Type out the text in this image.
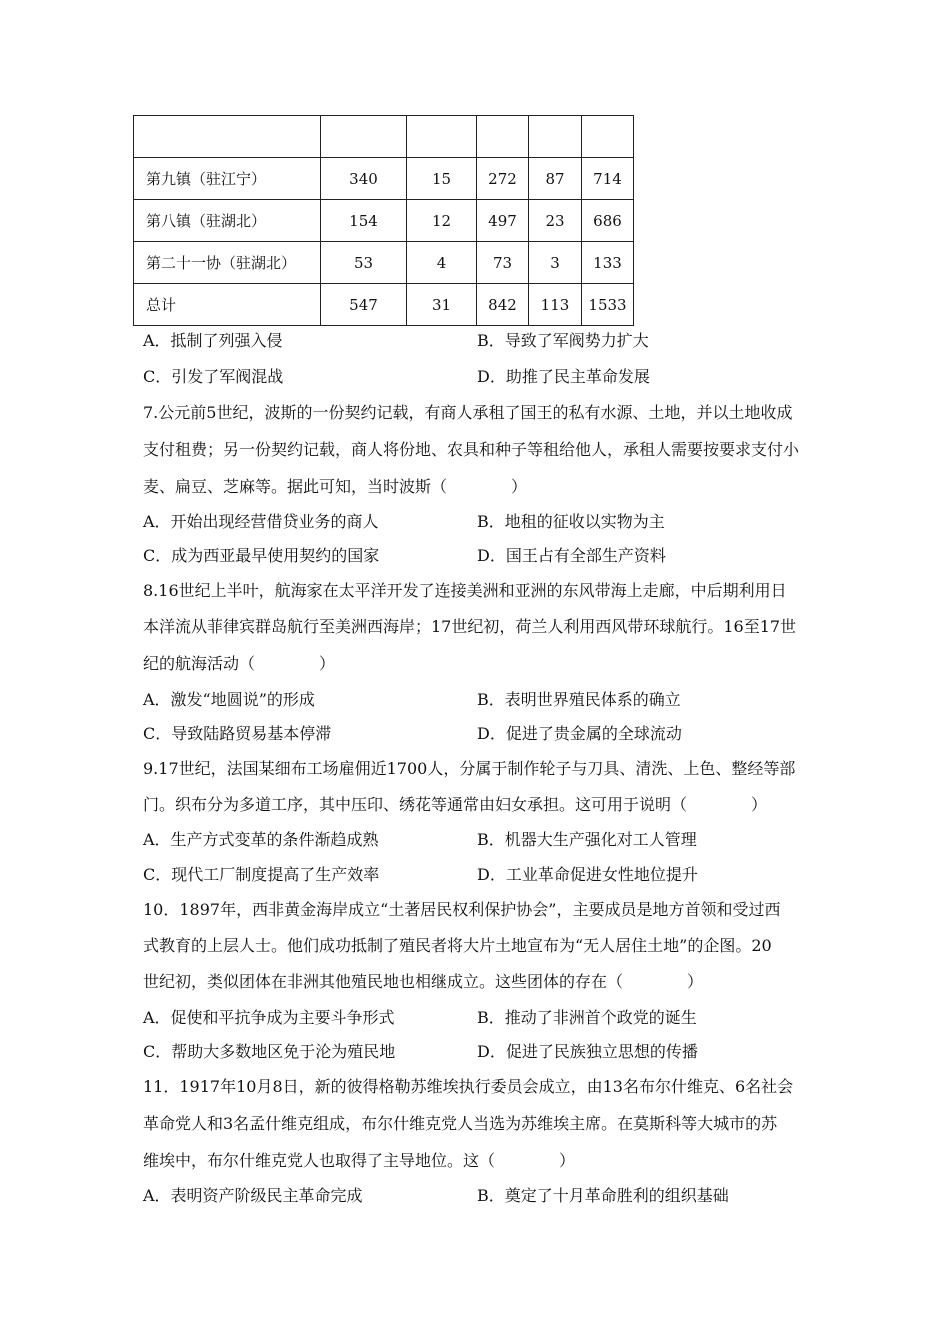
第九镇（驻江宁）	340	15	272	87	714
第八镇（驻湖北）	154	12	497	23	686
第二十一协（驻湖北）	53	4	73	3	133
总计	547	31	842	113	1533
A．抵制了列强入侵	B．导致了军阀势力扩大
C．引发了军阀混战	D．助推了民主革命发展
7.公元前5世纪，波斯的一份契约记载，有商人承租了国王的私有水源、土地，并以土地收成
支付租费；另一份契约记载，商人将份地、农具和种子等租给他人，承租人需要按要求支付小
麦、扁豆、芝麻等。据此可知，当时波斯（　　　　）
A．开始出现经营借贷业务的商人	B．地租的征收以实物为主
C．成为西亚最早使用契约的国家	D．国王占有全部生产资料
8.16世纪上半叶，航海家在太平洋开发了连接美洲和亚洲的东风带海上走廊，中后期利用日
本洋流从菲律宾群岛航行至美洲西海岸；17世纪初，荷兰人利用西风带环球航行。16至17世
纪的航海活动（　　　　）
A．激发“地圆说”的形成	B．表明世界殖民体系的确立
C．导致陆路贸易基本停滞	D．促进了贵金属的全球流动
9.17世纪，法国某细布工场雇佣近1700人，分属于制作轮子与刀具、清洗、上色、整经等部
门。织布分为多道工序，其中压印、绣花等通常由妇女承担。这可用于说明（　　　　）
A．生产方式变革的条件渐趋成熟	B．机器大生产强化对工人管理
C．现代工厂制度提高了生产效率	D．工业革命促进女性地位提升
10．1897年，西非黄金海岸成立“土著居民权利保护协会”，主要成员是地方首领和受过西
式教育的上层人士。他们成功抵制了殖民者将大片土地宣布为“无人居住土地”的企图。20
世纪初，类似团体在非洲其他殖民地也相继成立。这些团体的存在（　　　　）
A．促使和平抗争成为主要斗争形式	B．推动了非洲首个政党的诞生
C．帮助大多数地区免于沦为殖民地	D．促进了民族独立思想的传播
11．1917年10月8日，新的彼得格勒苏维埃执行委员会成立，由13名布尔什维克、6名社会
革命党人和3名孟什维克组成，布尔什维克党人当选为苏维埃主席。在莫斯科等大城市的苏
维埃中，布尔什维克党人也取得了主导地位。这（　　　　）
A．表明资产阶级民主革命完成	B．奠定了十月革命胜利的组织基础
